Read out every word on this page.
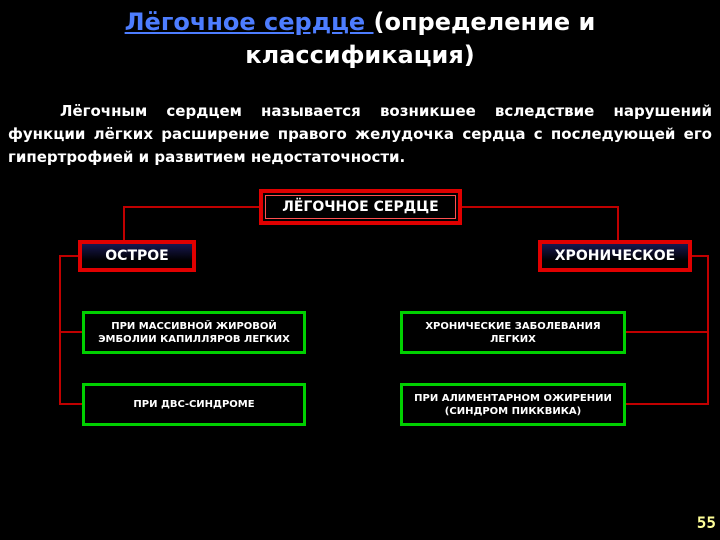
Лёгочное сердце (определение и
классификация)
Лёгочным сердцем называется возникшее вследствие нарушений функции лёгких расширение правого желудочка сердца с последующей его гипертрофией и развитием недостаточности.
ЛЁГОЧНОЕ СЕРДЦЕ
ОСТРОЕ	ХРОНИЧЕСКОЕ
ПРИ МАССИВНОЙ ЖИРОВОЙ ЭМБОЛИИ КАПИЛЛЯРОВ ЛЕГКИХ
ПРИ ДВС-СИНДРОМЕ
ХРОНИЧЕСКИЕ ЗАБОЛЕВАНИЯ ЛЕГКИХ
ПРИ АЛИМЕНТАРНОМ ОЖИРЕНИИ (СИНДРОМ ПИККВИКА)
55
